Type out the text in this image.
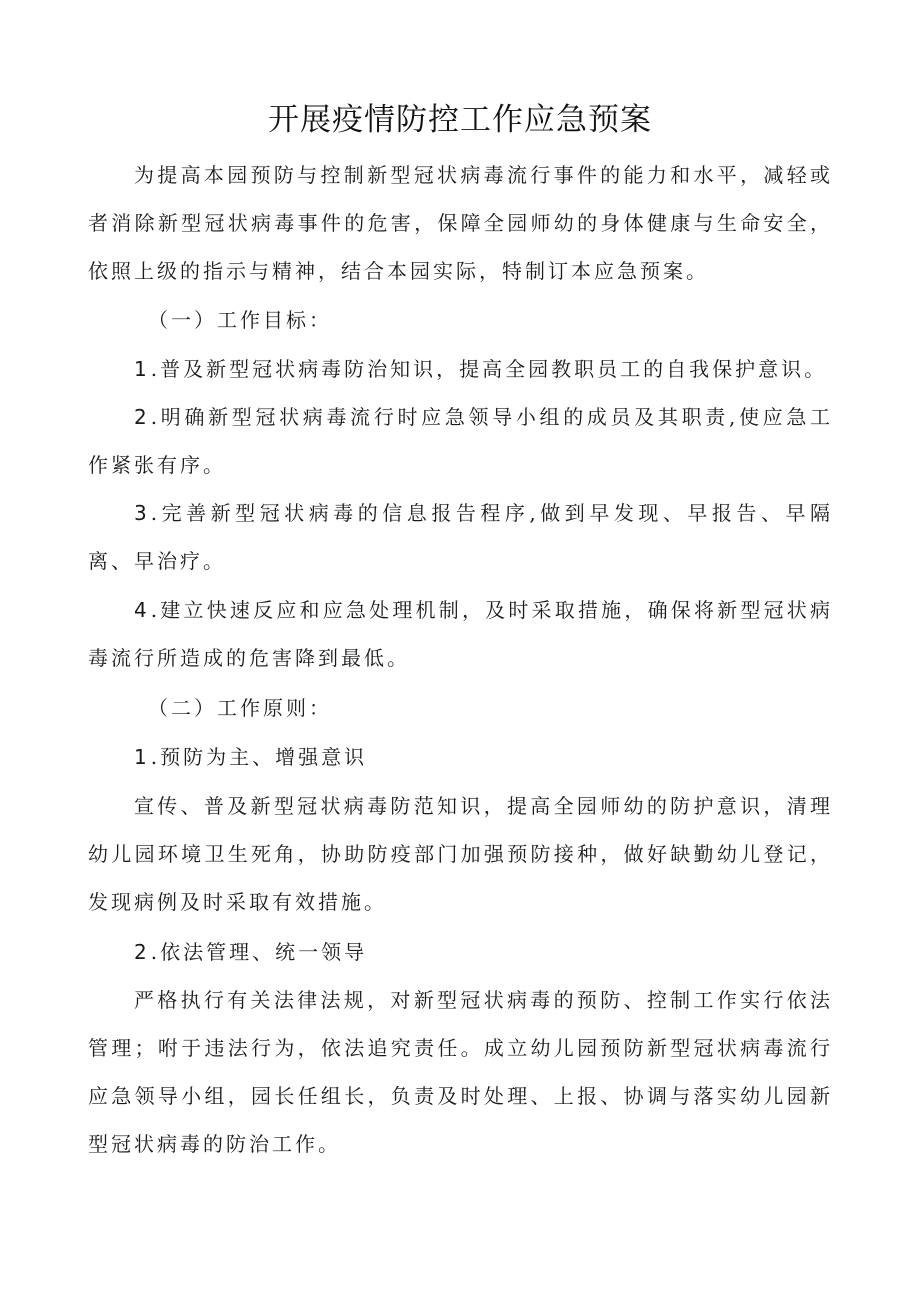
开展疫情防控工作应急预案

为提高本园预防与控制新型冠状病毒流行事件的能力和水平，减轻或者消除新型冠状病毒事件的危害，保障全园师幼的身体健康与生命安全，依照上级的指示与精神，结合本园实际，特制订本应急预案。

（一）工作目标：

1 .普及新型冠状病毒防治知识，提高全园教职员工的自我保护意识。

2 .明确新型冠状病毒流行时应急领导小组的成员及其职责,使应急工作紧张有序。

3 .完善新型冠状病毒的信息报告程序,做到早发现、早报告、早隔离、早治疗。

4 .建立快速反应和应急处理机制，及时采取措施，确保将新型冠状病毒流行所造成的危害降到最低。

（二）工作原则：

1 .预防为主、增强意识

宣传、普及新型冠状病毒防范知识，提高全园师幼的防护意识，清理幼儿园环境卫生死角，协助防疫部门加强预防接种，做好缺勤幼儿登记，发现病例及时采取有效措施。

2 .依法管理、统一领导

严格执行有关法律法规，对新型冠状病毒的预防、控制工作实行依法管理；咐于违法行为，依法追究责任。成立幼儿园预防新型冠状病毒流行应急领导小组，园长任组长，负责及时处理、上报、协调与落实幼儿园新型冠状病毒的防治工作。
